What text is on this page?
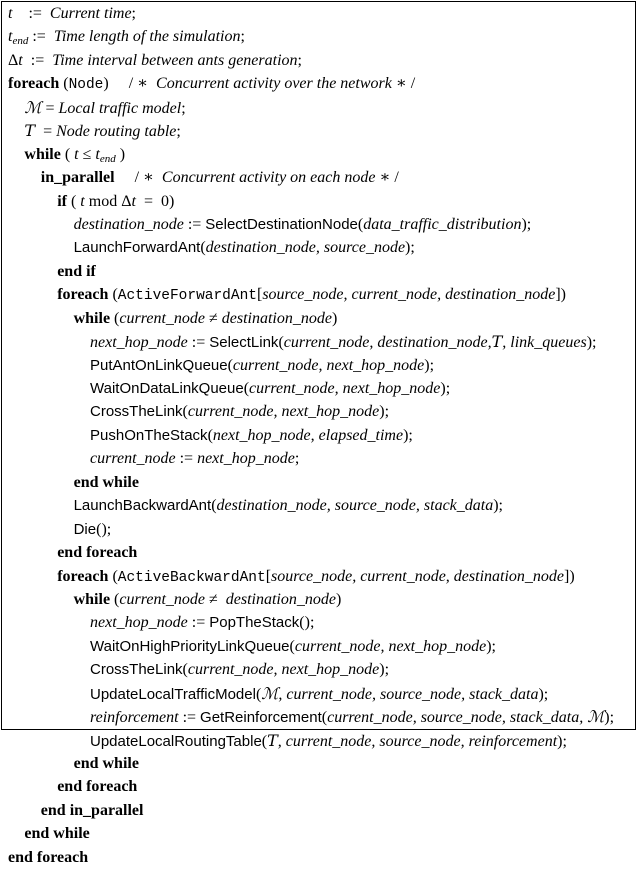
t    :=  Current time;
$t_{end}$ :=  Time length of the simulation;
Δt  :=  Time interval between ants generation;
foreach (Node)     / ∗  Concurrent activity over the network ∗ /
ℳ = Local traffic model;
T  = Node routing table;
while ( $t \le t_{end}$ )
in_parallel     / ∗  Concurrent activity on each node ∗ /
if ( t mod Δt  =  0)
destination_node := SelectDestinationNode(data_traffic_distribution);
LaunchForwardAnt(destination_node, source_node);
end if
foreach (ActiveForwardAnt[source_node, current_node, destination_node])
while (current_node ≠ destination_node)
next_hop_node := SelectLink(current_node, destination_node,T, link_queues);
PutAntOnLinkQueue(current_node, next_hop_node);
WaitOnDataLinkQueue(current_node, next_hop_node);
CrossTheLink(current_node, next_hop_node);
PushOnTheStack(next_hop_node, elapsed_time);
current_node := next_hop_node;
end while
LaunchBackwardAnt(destination_node, source_node, stack_data);
Die();
end foreach
foreach (ActiveBackwardAnt[source_node, current_node, destination_node])
while (current_node ≠  destination_node)
next_hop_node := PopTheStack();
WaitOnHighPriorityLinkQueue(current_node, next_hop_node);
CrossTheLink(current_node, next_hop_node);
UpdateLocalTrafficModel(ℳ, current_node, source_node, stack_data);
reinforcement := GetReinforcement(current_node, source_node, stack_data, ℳ);
UpdateLocalRoutingTable(T, current_node, source_node, reinforcement);
end while
end foreach
end in_parallel
end while
end foreach
